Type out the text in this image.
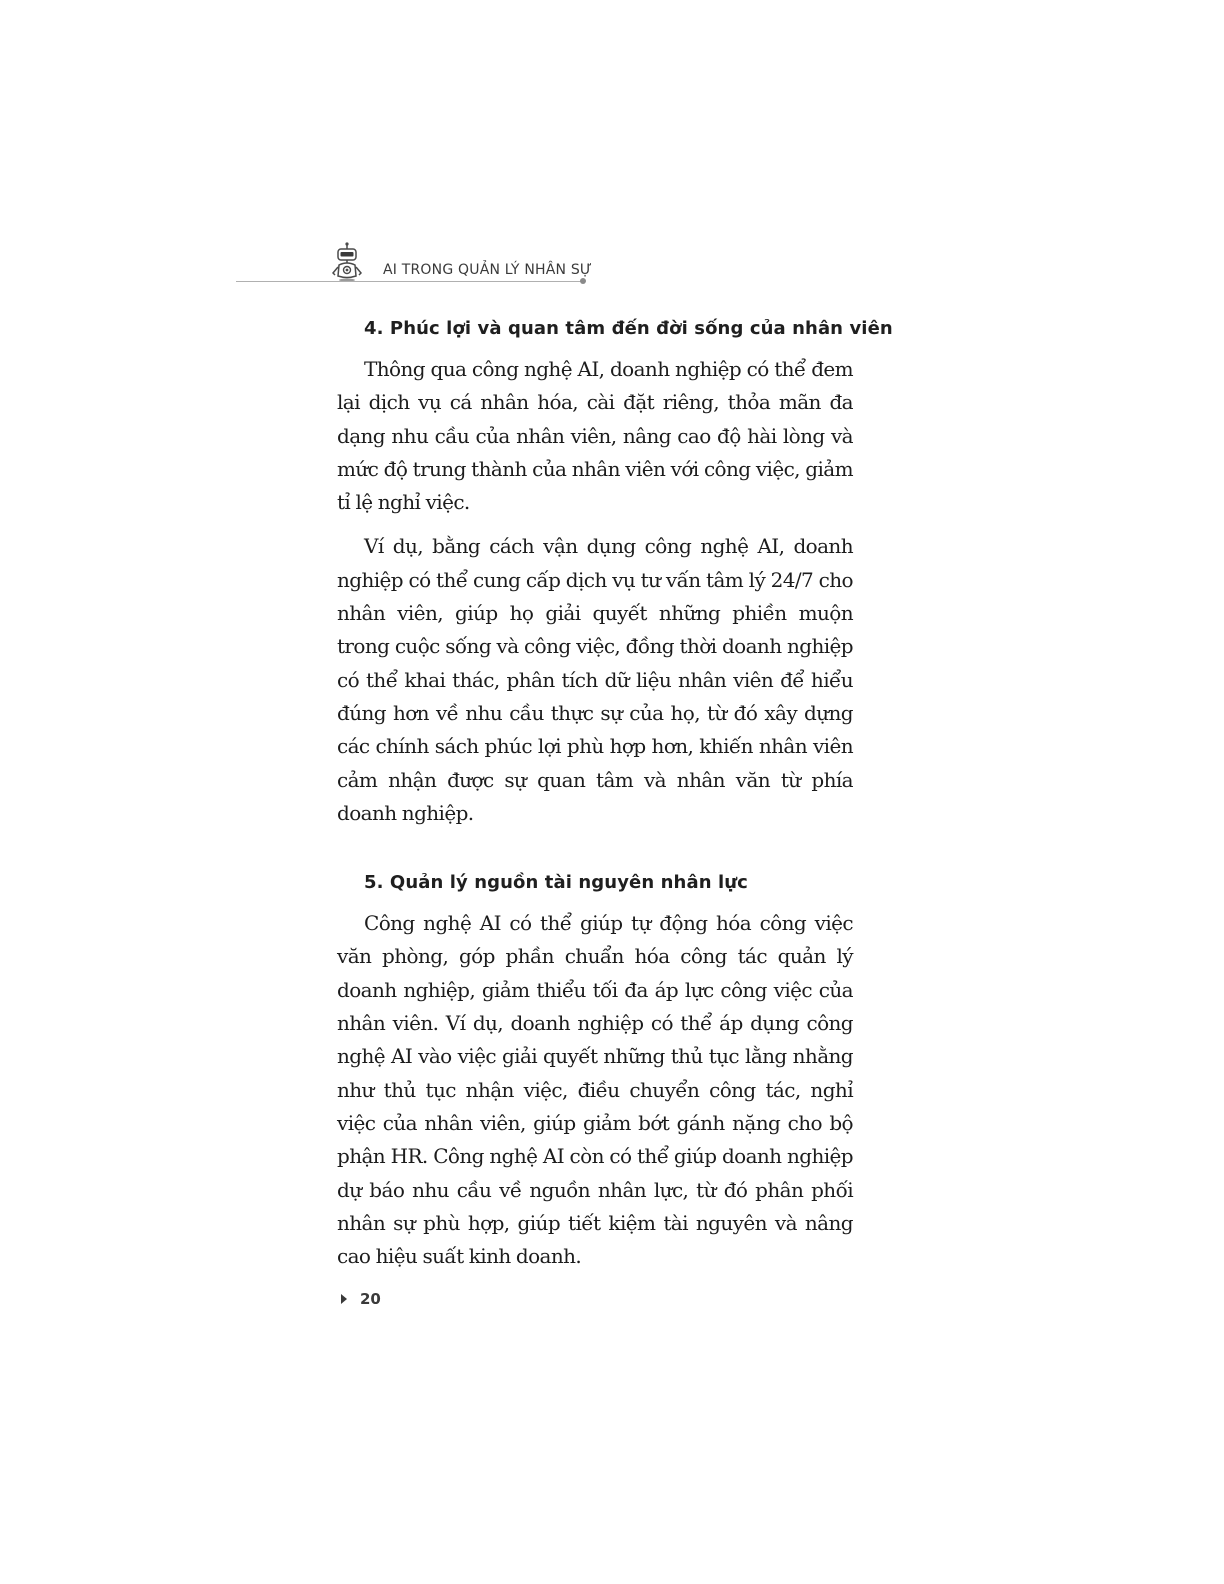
AI TRONG QUẢN LÝ NHÂN SỰ
4. Phúc lợi và quan tâm đến đời sống của nhân viên

Thông qua công nghệ AI, doanh nghiệp có thể đem lại dịch vụ cá nhân hóa, cài đặt riêng, thỏa mãn đa dạng nhu cầu của nhân viên, nâng cao độ hài lòng và mức độ trung thành của nhân viên với công việc, giảm tỉ lệ nghỉ việc.

Ví dụ, bằng cách vận dụng công nghệ AI, doanh nghiệp có thể cung cấp dịch vụ tư vấn tâm lý 24/7 cho nhân viên, giúp họ giải quyết những phiền muộn trong cuộc sống và công việc, đồng thời doanh nghiệp có thể khai thác, phân tích dữ liệu nhân viên để hiểu đúng hơn về nhu cầu thực sự của họ, từ đó xây dựng các chính sách phúc lợi phù hợp hơn, khiến nhân viên cảm nhận được sự quan tâm và nhân văn từ phía doanh nghiệp.

5. Quản lý nguồn tài nguyên nhân lực

Công nghệ AI có thể giúp tự động hóa công việc văn phòng, góp phần chuẩn hóa công tác quản lý doanh nghiệp, giảm thiểu tối đa áp lực công việc của nhân viên. Ví dụ, doanh nghiệp có thể áp dụng công nghệ AI vào việc giải quyết những thủ tục lằng nhằng như thủ tục nhận việc, điều chuyển công tác, nghỉ việc của nhân viên, giúp giảm bớt gánh nặng cho bộ phận HR. Công nghệ AI còn có thể giúp doanh nghiệp dự báo nhu cầu về nguồn nhân lực, từ đó phân phối nhân sự phù hợp, giúp tiết kiệm tài nguyên và nâng cao hiệu suất kinh doanh.

20
